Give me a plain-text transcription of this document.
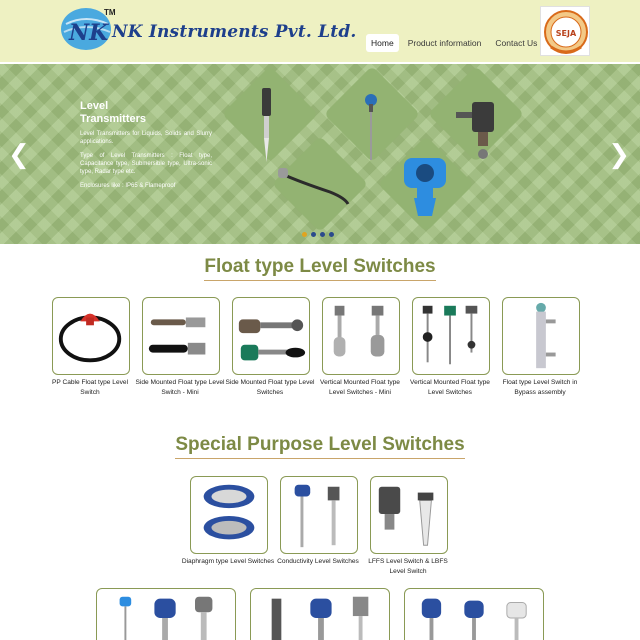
NK
TM
NK Instruments Pvt. Ltd.
Home	Product information	Contact Us
SEJA
Level
Transmitters

Level Transmitters for Liquids, Solids and Slurry applications.

Type of Level Transmitters : Float type, Capacitance type, Submersible type, Ultra-sonic type, Radar type etc.

Enclosures like : IP65 & Flameproof

❮	❯
Float type Level Switches
PP Cable Float type Level Switch
Side Mounted Float type Level Switch - Mini
Side Mounted Float type Level Switches
Vertical Mounted Float type Level Switches - Mini
Vertical Mounted Float type Level Switches
Float type Level Switch in Bypass assembly
Special Purpose Level Switches
Diaphragm type Level Switches Conductivity Level Switches	LFFS Level Switch & LBFS Level Switch
